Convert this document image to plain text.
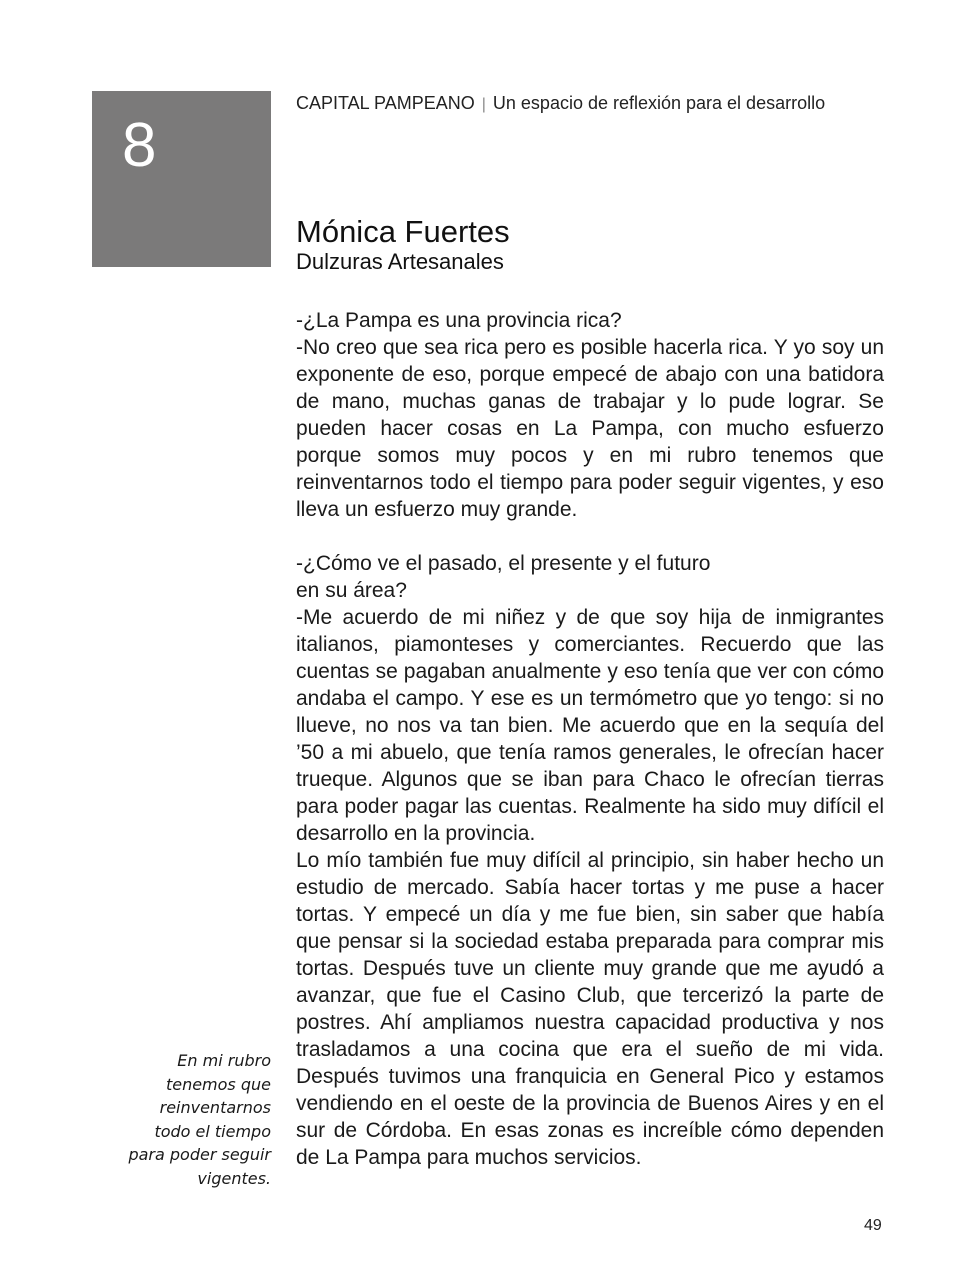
8
CAPITAL PAMPEANO | Un espacio de reflexión para el desarrollo
Mónica Fuertes
Dulzuras Artesanales

-¿La Pampa es una provincia rica?

-No creo que sea rica pero es posible hacerla rica. Y yo soy un exponente de eso, porque empecé de abajo con una batidora de mano, muchas ganas de trabajar y lo pude lograr. Se pueden hacer cosas en La Pampa, con mucho esfuerzo porque somos muy pocos y en mi rubro tenemos que reinventarnos todo el tiempo para poder seguir vigentes, y eso lleva un esfuerzo muy grande.

-¿Cómo ve el pasado, el presente y el futuro

en su área?

-Me acuerdo de mi niñez y de que soy hija de inmigrantes italianos, piamonteses y comerciantes. Recuerdo que las cuentas se pagaban anualmente y eso tenía que ver con cómo andaba el campo. Y ese es un termómetro que yo tengo: si no llueve, no nos va tan bien. Me acuerdo que en la sequía del ’50 a mi abuelo, que tenía ramos generales, le ofrecían hacer trueque. Algunos que se iban para Chaco le ofrecían tierras para poder pagar las cuentas. Realmente ha sido muy difícil el desarrollo en la provincia.

Lo mío también fue muy difícil al principio, sin haber hecho un estudio de mercado. Sabía hacer tortas y me puse a hacer tortas. Y empecé un día y me fue bien, sin saber que había que pensar si la sociedad estaba preparada para comprar mis tortas. Después tuve un cliente muy grande que me ayudó a avanzar, que fue el Casino Club, que tercerizó la parte de postres. Ahí ampliamos nuestra capacidad productiva y nos trasladamos a una cocina que era el sueño de mi vida. Después tuvimos una franquicia en General Pico y estamos vendiendo en el oeste de la provincia de Buenos Aires y en el sur de Córdoba. En esas zonas es increíble cómo dependen de La Pampa para muchos servicios.

En mi rubro
tenemos que
reinventarnos
todo el tiempo
para poder seguir
vigentes.
49
